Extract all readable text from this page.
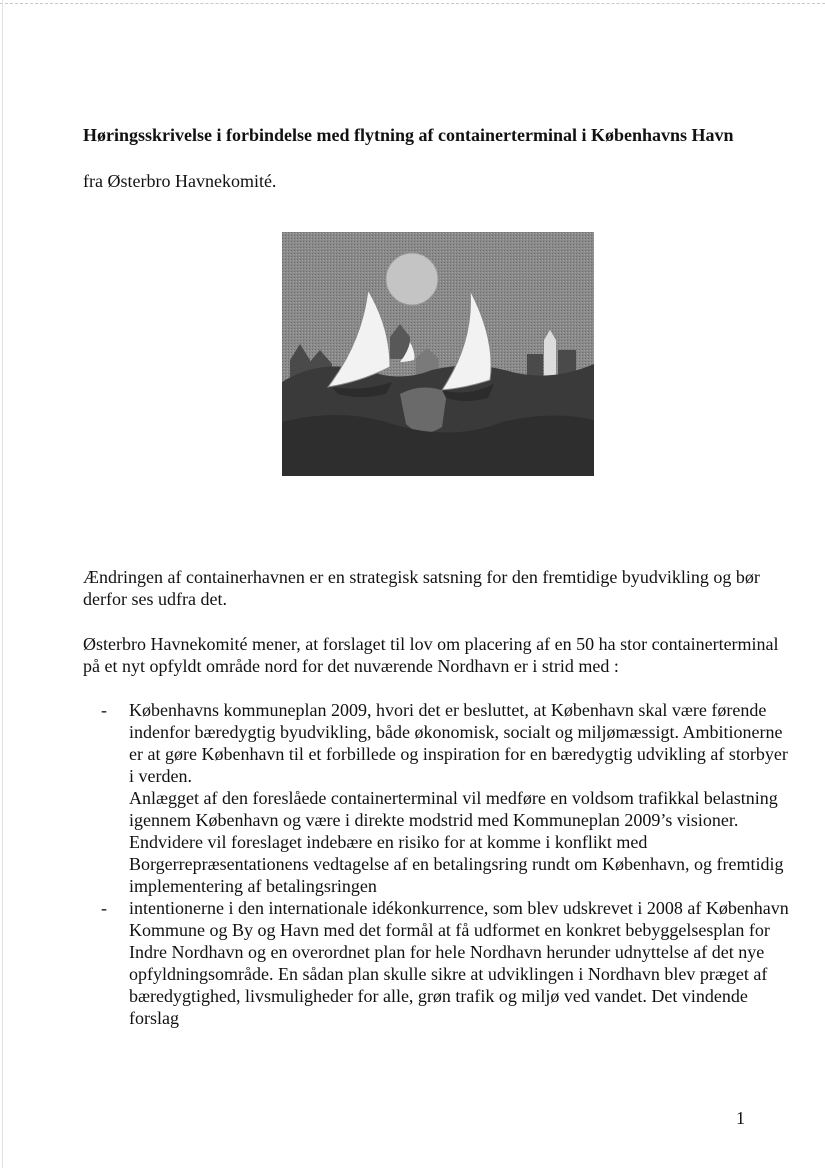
Høringsskrivelse i forbindelse med flytning af containerterminal i Københavns Havn
fra Østerbro Havnekomité.

Ændringen af containerhavnen er en strategisk satsning for den fremtidige byudvikling og bør derfor ses udfra det.

Østerbro Havnekomité mener, at forslaget til lov om placering af en 50 ha stor containerterminal på et nyt opfyldt område nord for det nuværende Nordhavn er i strid med :

- Københavns kommuneplan 2009, hvori det er besluttet, at København skal være førende indenfor bæredygtig byudvikling, både økonomisk, socialt og miljømæssigt. Ambitionerne er at gøre København til et forbillede og inspiration for en bæredygtig udvikling af storbyer i verden.

Anlægget af den foreslåede containerterminal vil medføre en voldsom trafikkal belastning igennem København og være i direkte modstrid med Kommuneplan 2009’s visioner.

Endvidere vil foreslaget indebære en risiko for at komme i konflikt med Borgerrepræsentationens vedtagelse af en betalingsring rundt om København, og fremtidig implementering af betalingsringen

- intentionerne i den internationale idékonkurrence, som blev udskrevet i 2008 af København Kommune og By og Havn med det formål at få udformet en konkret bebyggelsesplan for Indre Nordhavn og en overordnet plan for hele Nordhavn herunder udnyttelse af det nye opfyldningsområde. En sådan plan skulle sikre at udviklingen i Nordhavn blev præget af bæredygtighed, livsmuligheder for alle, grøn trafik og miljø ved vandet. Det vindende forslag

1
